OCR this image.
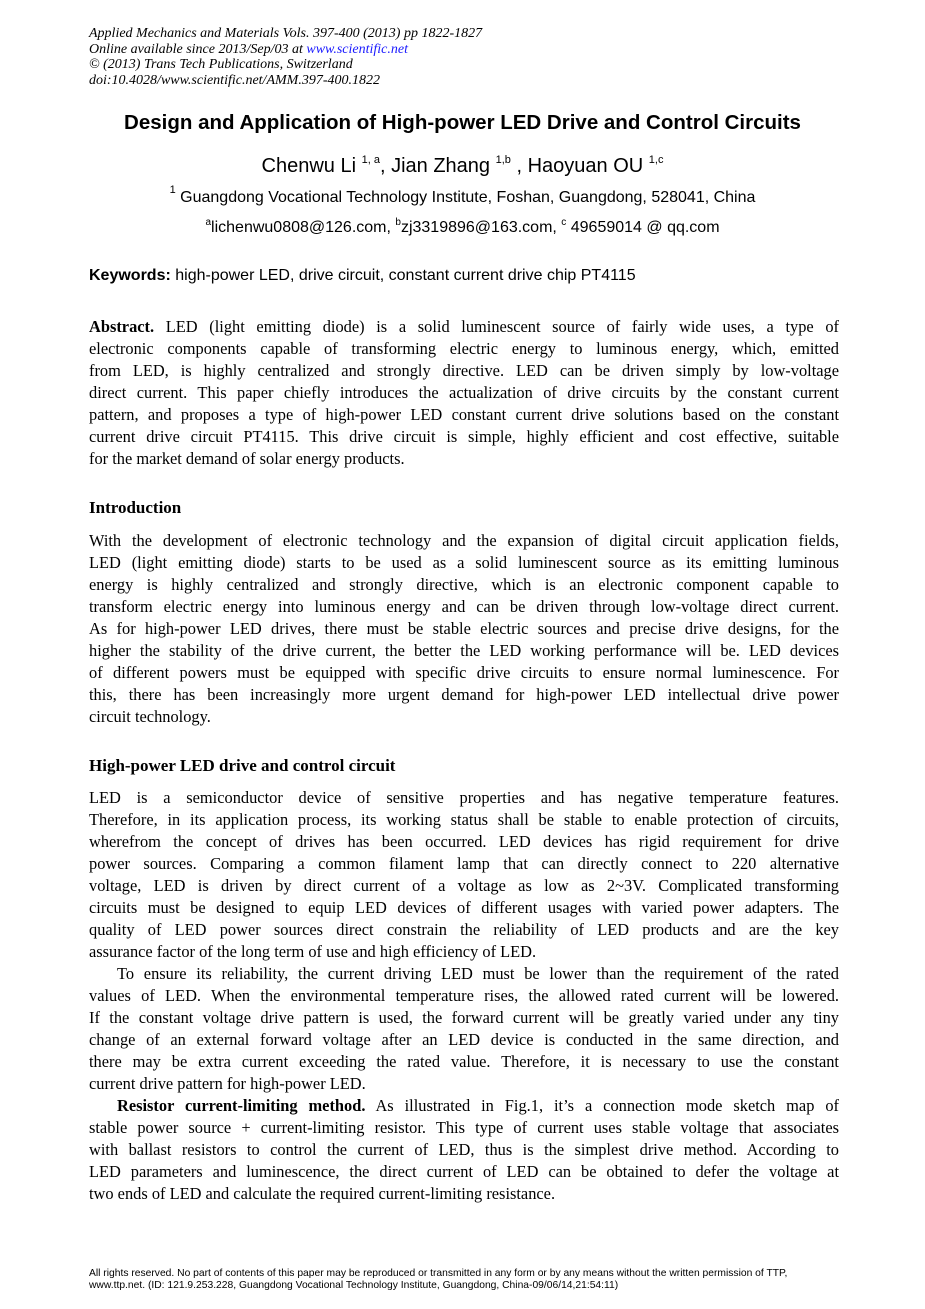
Applied Mechanics and Materials Vols. 397-400 (2013) pp 1822-1827
Online available since 2013/Sep/03 at www.scientific.net
© (2013) Trans Tech Publications, Switzerland
doi:10.4028/www.scientific.net/AMM.397-400.1822
Design and Application of High-power LED Drive and Control Circuits
Chenwu Li $^{1, a}$, Jian Zhang $^{1,b}$ , Haoyuan OU $^{1,c}$
$^1$ Guangdong Vocational Technology Institute, Foshan, Guangdong, 528041, China
$^a$lichenwu0808@126.com, $^b$zj3319896@163.com, $^c$ 49659014 @ qq.com
Keywords: high-power LED, drive circuit, constant current drive chip PT4115
Abstract. LED (light emitting diode) is a solid luminescent source of fairly wide uses, a type of
electronic components capable of transforming electric energy to luminous energy, which, emitted
from LED, is highly centralized and strongly directive. LED can be driven simply by low-voltage
direct current. This paper chiefly introduces the actualization of drive circuits by the constant current
pattern, and proposes a type of high-power LED constant current drive solutions based on the constant
current drive circuit PT4115. This drive circuit is simple, highly efficient and cost effective, suitable
for the market demand of solar energy products.
Introduction
With the development of electronic technology and the expansion of digital circuit application fields,
LED (light emitting diode) starts to be used as a solid luminescent source as its emitting luminous
energy is highly centralized and strongly directive, which is an electronic component capable to
transform electric energy into luminous energy and can be driven through low-voltage direct current.
As for high-power LED drives, there must be stable electric sources and precise drive designs, for the
higher the stability of the drive current, the better the LED working performance will be. LED devices
of different powers must be equipped with specific drive circuits to ensure normal luminescence. For
this, there has been increasingly more urgent demand for high-power LED intellectual drive power
circuit technology.
High-power LED drive and control circuit
LED is a semiconductor device of sensitive properties and has negative temperature features.
Therefore, in its application process, its working status shall be stable to enable protection of circuits,
wherefrom the concept of drives has been occurred. LED devices has rigid requirement for drive
power sources. Comparing a common filament lamp that can directly connect to 220 alternative
voltage, LED is driven by direct current of a voltage as low as 2~3V. Complicated transforming
circuits must be designed to equip LED devices of different usages with varied power adapters. The
quality of LED power sources direct constrain the reliability of LED products and are the key
assurance factor of the long term of use and high efficiency of LED.
To ensure its reliability, the current driving LED must be lower than the requirement of the rated
values of LED. When the environmental temperature rises, the allowed rated current will be lowered.
If the constant voltage drive pattern is used, the forward current will be greatly varied under any tiny
change of an external forward voltage after an LED device is conducted in the same direction, and
there may be extra current exceeding the rated value. Therefore, it is necessary to use the constant
current drive pattern for high-power LED.
Resistor current-limiting method. As illustrated in Fig.1, it’s a connection mode sketch map of
stable power source + current-limiting resistor. This type of current uses stable voltage that associates
with ballast resistors to control the current of LED, thus is the simplest drive method. According to
LED parameters and luminescence, the direct current of LED can be obtained to defer the voltage at
two ends of LED and calculate the required current-limiting resistance.
All rights reserved. No part of contents of this paper may be reproduced or transmitted in any form or by any means without the written permission of TTP,
www.ttp.net. (ID: 121.9.253.228, Guangdong Vocational Technology Institute, Guangdong, China-09/06/14,21:54:11)
